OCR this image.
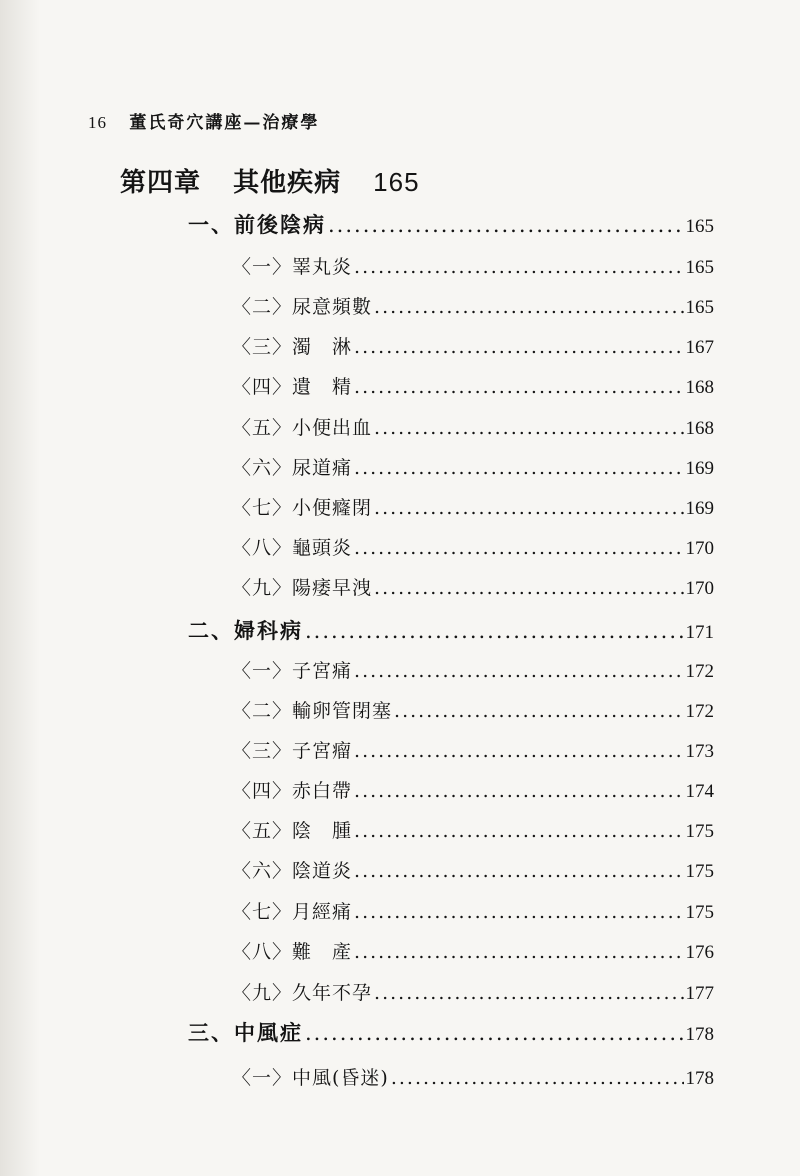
16 董氏奇穴講座—治療學
第四章 其他疾病 165
一、 前後陰病 .....	165
〈一〉 睪丸炎 .....	165
〈二〉 尿意頻數 .....	165
〈三〉 濁　淋 .....	167
〈四〉 遺　精 .....	168
〈五〉 小便出血 .....	168
〈六〉 尿道痛 .....	169
〈七〉 小便癃閉 .....	169
〈八〉 龜頭炎 .....	170
〈九〉 陽痿早洩 .....	170
二、 婦科病 .....	171
〈一〉 子宮痛 .....	172
〈二〉 輸卵管閉塞 .....	172
〈三〉 子宮瘤 .....	173
〈四〉 赤白帶 .....	174
〈五〉 陰　腫 .....	175
〈六〉 陰道炎 .....	175
〈七〉 月經痛 .....	175
〈八〉 難　產 .....	176
〈九〉 久年不孕 .....	177
三、 中風症 .....	178
〈一〉 中風(昏迷) .....	178
